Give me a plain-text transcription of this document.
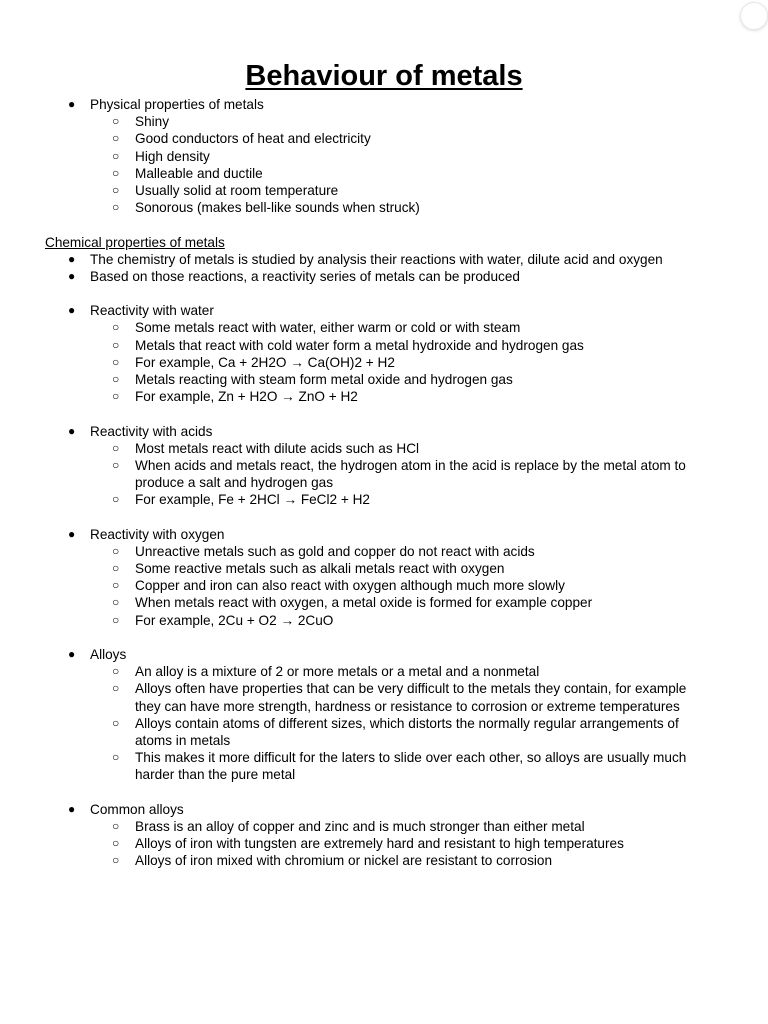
Behaviour of metals
● Physical properties of metals
○ Shiny
○ Good conductors of heat and electricity
○ High density
○ Malleable and ductile
○ Usually solid at room temperature
○ Sonorous (makes bell-like sounds when struck)
Chemical properties of metals
● The chemistry of metals is studied by analysis their reactions with water, dilute acid and oxygen
● Based on those reactions, a reactivity series of metals can be produced
● Reactivity with water
○ Some metals react with water, either warm or cold or with steam
○ Metals that react with cold water form a metal hydroxide and hydrogen gas
○ For example, Ca + 2H2O → Ca(OH)2 + H2
○ Metals reacting with steam form metal oxide and hydrogen gas
○ For example, Zn + H2O → ZnO + H2
● Reactivity with acids
○ Most metals react with dilute acids such as HCl
○ When acids and metals react, the hydrogen atom in the acid is replace by the metal atom to
produce a salt and hydrogen gas
○ For example, Fe + 2HCl → FeCl2 + H2
● Reactivity with oxygen
○ Unreactive metals such as gold and copper do not react with acids
○ Some reactive metals such as alkali metals react with oxygen
○ Copper and iron can also react with oxygen although much more slowly
○ When metals react with oxygen, a metal oxide is formed for example copper
○ For example, 2Cu + O2 → 2CuO
● Alloys
○ An alloy is a mixture of 2 or more metals or a metal and a nonmetal
○ Alloys often have properties that can be very difficult to the metals they contain, for example
they can have more strength, hardness or resistance to corrosion or extreme temperatures
○ Alloys contain atoms of different sizes, which distorts the normally regular arrangements of
atoms in metals
○ This makes it more difficult for the laters to slide over each other, so alloys are usually much
harder than the pure metal
● Common alloys
○ Brass is an alloy of copper and zinc and is much stronger than either metal
○ Alloys of iron with tungsten are extremely hard and resistant to high temperatures
○ Alloys of iron mixed with chromium or nickel are resistant to corrosion
